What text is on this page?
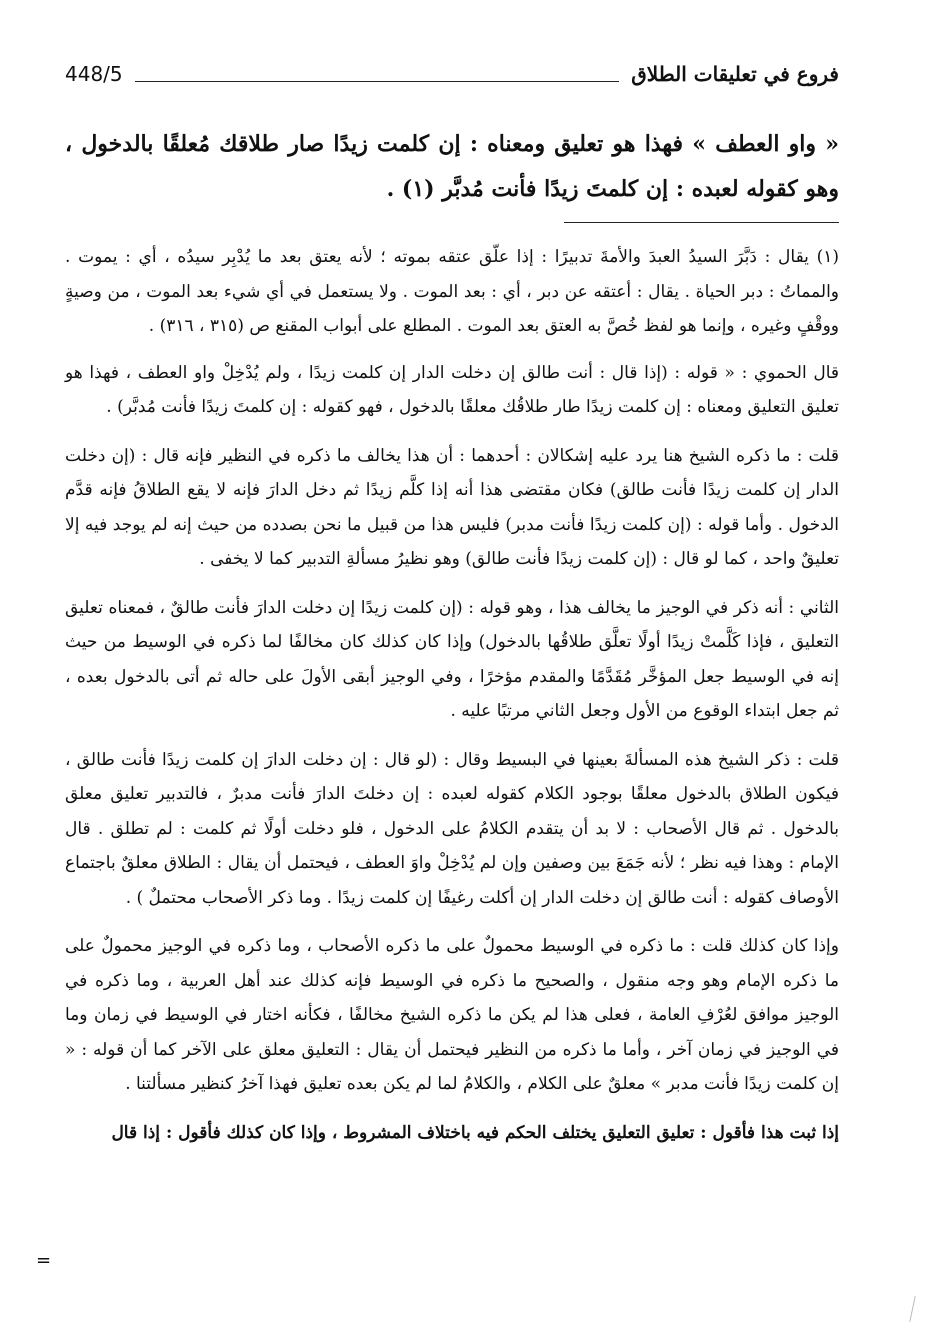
فروع في تعليقات الطلاق
448/5

« واو العطف » فهذا هو تعليق ومعناه : إن كلمت زيدًا صار طلاقك مُعلقًا بالدخول ، وهو كقوله لعبده : إن كلمتَ زيدًا فأنت مُدبَّر (١) .

(١) يقال : دَبَّرَ السيدُ العبدَ والأمةَ تدبيرًا : إذا علّق عتقه بموته ؛ لأنه يعتق بعد ما يُدْبِر سيدُه ، أي : يموت . والمماتُ : دبر الحياة . يقال : أعتقه عن دبر ، أي : بعد الموت . ولا يستعمل في أي شيء بعد الموت ، من وصيةٍ ووقْفٍ وغيره ، وإنما هو لفظ خُصَّ به العتق بعد الموت . المطلع على أبواب المقنع ص (٣١٥ ، ٣١٦) .

قال الحموي : « قوله : (إذا قال : أنت طالق إن دخلت الدار إن كلمت زيدًا ، ولم يُدْخِلْ واو العطف ، فهذا هو تعليق التعليق ومعناه : إن كلمت زيدًا طار طلاقُك معلقًا بالدخول ، فهو كقوله : إن كلمتَ زيدًا فأنت مُدبَّر) .

قلت : ما ذكره الشيخ هنا يرد عليه إشكالان : أحدهما : أن هذا يخالف ما ذكره في النظير فإنه قال : (إن دخلت الدار إن كلمت زيدًا فأنت طالق) فكان مقتضى هذا أنه إذا كلَّم زيدًا ثم دخل الدارَ فإنه لا يقع الطلاقُ فإنه قدَّم الدخول . وأما قوله : (إن كلمت زيدًا فأنت مدبر) فليس هذا من قبيل ما نحن بصدده من حيث إنه لم يوجد فيه إلا تعليقٌ واحد ، كما لو قال : (إن كلمت زيدًا فأنت طالق) وهو نظيرُ مسألةِ التدبير كما لا يخفى .

الثاني : أنه ذكر في الوجيز ما يخالف هذا ، وهو قوله : (إن كلمت زيدًا إن دخلت الدارَ فأنت طالقٌ ، فمعناه تعليق التعليق ، فإذا كَلَّمتْ زيدًا أولًا تعلَّق طلاقُها بالدخول) وإذا كان كذلك كان مخالفًا لما ذكره في الوسيط من حيث إنه في الوسيط جعل المؤخَّر مُقَدَّمًا والمقدم مؤخرًا ، وفي الوجيز أبقى الأولَ على حاله ثم أتى بالدخول بعده ، ثم جعل ابتداء الوقوع من الأول وجعل الثاني مرتبًا عليه .

قلت : ذكر الشيخ هذه المسألةَ بعينها في البسيط وقال : (لو قال : إن دخلت الدارَ إن كلمت زيدًا فأنت طالق ، فيكون الطلاق بالدخول معلقًا بوجود الكلام كقوله لعبده : إن دخلتَ الدارَ فأنت مدبرٌ ، فالتدبير تعليق معلق بالدخول . ثم قال الأصحاب : لا بد أن يتقدم الكلامُ على الدخول ، فلو دخلت أولًا ثم كلمت : لم تطلق . قال الإمام : وهذا فيه نظر ؛ لأنه جَمَعَ بين وصفين وإن لم يُدْخِلْ واوَ العطف ، فيحتمل أن يقال : الطلاق معلقٌ باجتماع الأوصاف كقوله : أنت طالق إن دخلت الدار إن أكلت رغيفًا إن كلمت زيدًا . وما ذكر الأصحاب محتملٌ ) .

وإذا كان كذلك قلت : ما ذكره في الوسيط محمولٌ على ما ذكره الأصحاب ، وما ذكره في الوجيز محمولٌ على ما ذكره الإمام وهو وجه منقول ، والصحيح ما ذكره في الوسيط فإنه كذلك عند أهل العربية ، وما ذكره في الوجيز موافق لعُرْفِ العامة ، فعلى هذا لم يكن ما ذكره الشيخ مخالفًا ، فكأنه اختار في الوسيط في زمان وما في الوجيز في زمان آخر ، وأما ما ذكره من النظير فيحتمل أن يقال : التعليق معلق على الآخر كما أن قوله : « إن كلمت زيدًا فأنت مدبر » معلقٌ على الكلام ، والكلامُ لما لم يكن بعده تعليق فهذا آخرُ كنظير مسألتنا .

إذا ثبت هذا فأقول : تعليق التعليق يختلف الحكم فيه باختلاف المشروط ، وإذا كان كذلك فأقول : إذا قال

=
